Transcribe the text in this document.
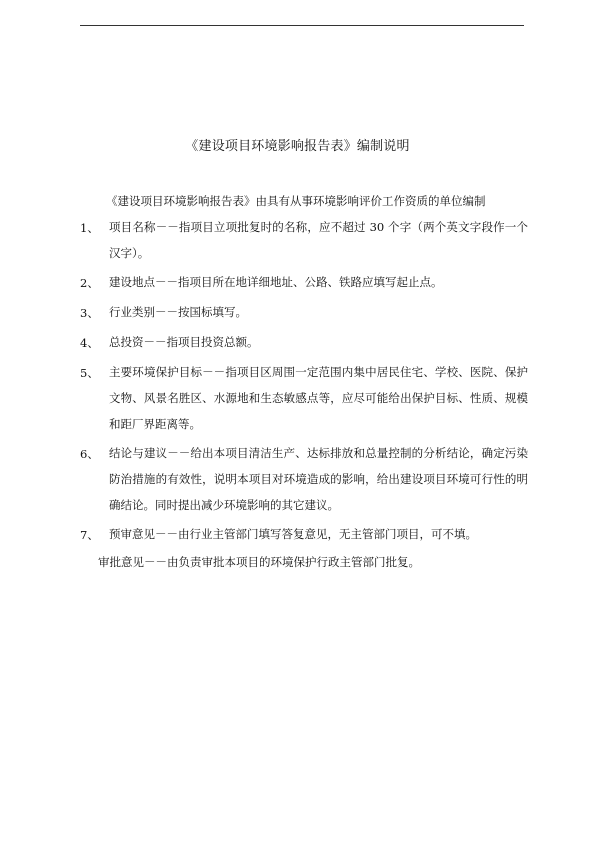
《建设项目环境影响报告表》编制说明
《建设项目环境影响报告表》由具有从事环境影响评价工作资质的单位编制
1、 项目名称－－指项目立项批复时的名称，应不超过 30 个字（两个英文字段作一个汉字）。
2、 建设地点－－指项目所在地详细地址、公路、铁路应填写起止点。
3、 行业类别－－按国标填写。
4、 总投资－－指项目投资总额。
5、 主要环境保护目标－－指项目区周围一定范围内集中居民住宅、学校、医院、保护文物、风景名胜区、水源地和生态敏感点等，应尽可能给出保护目标、性质、规模和距厂界距离等。
6、 结论与建议－－给出本项目清洁生产、达标排放和总量控制的分析结论，确定污染防治措施的有效性，说明本项目对环境造成的影响，给出建设项目环境可行性的明确结论。同时提出减少环境影响的其它建议。
7、 预审意见－－由行业主管部门填写答复意见，无主管部门项目，可不填。
审批意见－－由负责审批本项目的环境保护行政主管部门批复。
